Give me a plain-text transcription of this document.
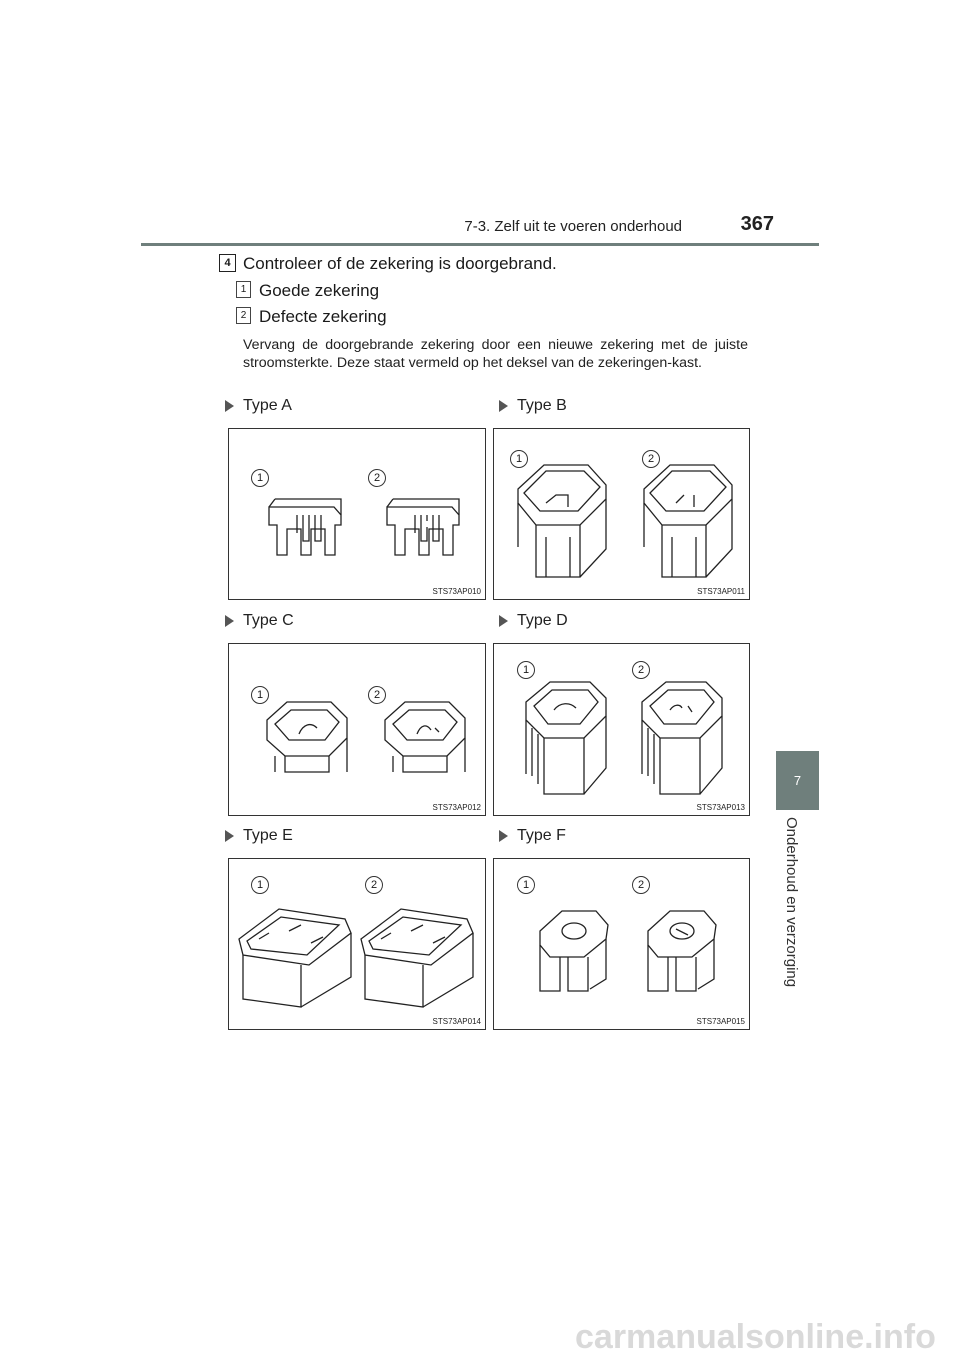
7-3. Zelf uit te voeren onderhoud	367
7
Onderhoud en verzorging
4 Controleer of de zekering is doorgebrand.
1 Goede zekering
2 Defecte zekering
Vervang de doorgebrande zekering door een nieuwe zekering met de juiste stroomsterkte. Deze staat vermeld op het deksel van de zekeringen-kast.
Type A	Type B
Type C	Type D
Type E	Type F
1	2
STS73AP010
1	2
STS73AP011
1	2
STS73AP012
1	2
STS73AP013
1	2
STS73AP014
1	2
STS73AP015
carmanualsonline.info
